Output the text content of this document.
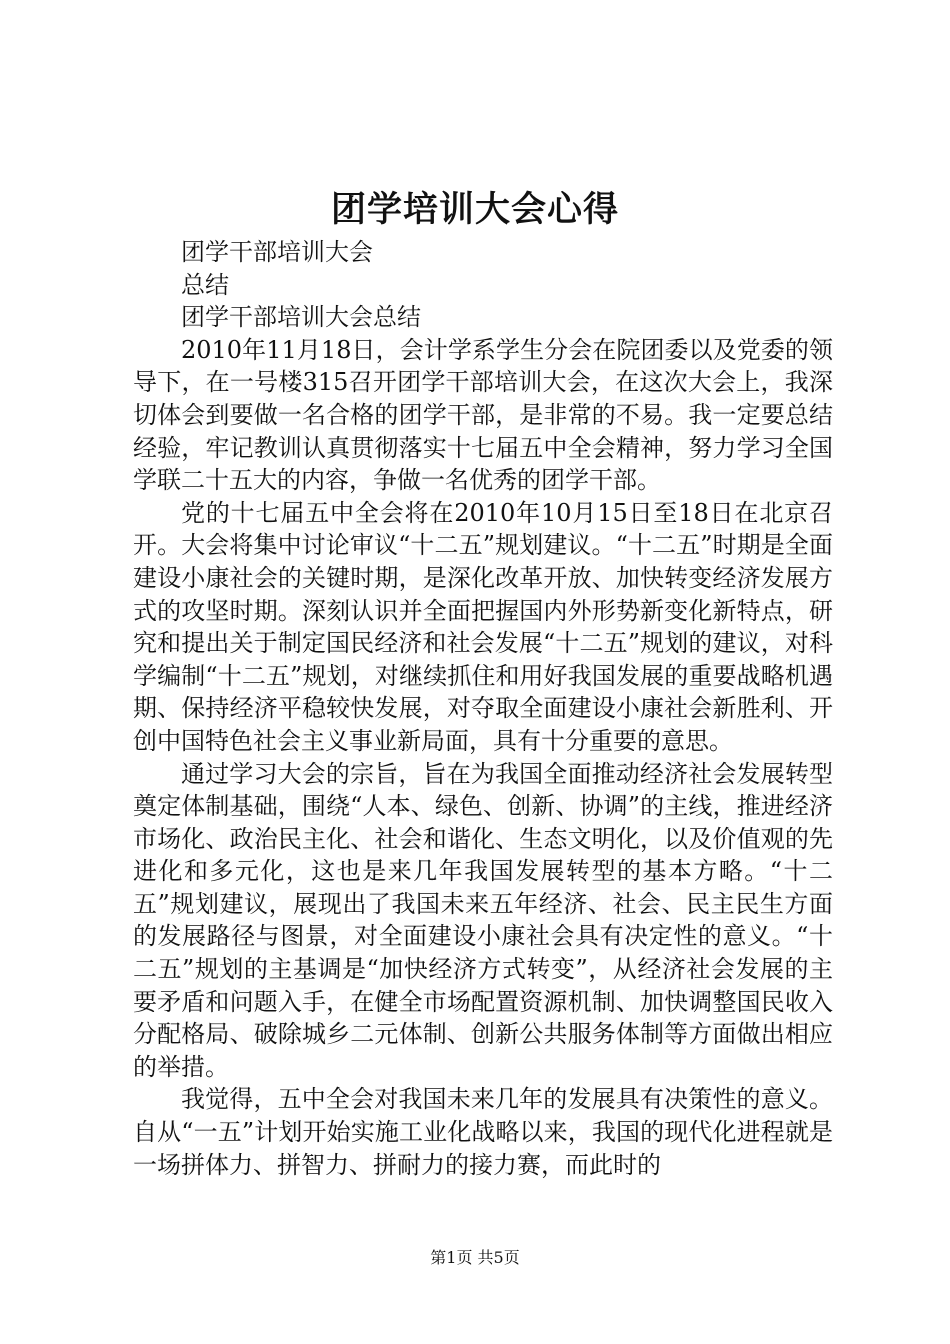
团学培训大会心得

团学干部培训大会

总结

团学干部培训大会总结

2010年11月18日，会计学系学生分会在院团委以及党委的领导下，在一号楼315召开团学干部培训大会，在这次大会上，我深切体会到要做一名合格的团学干部，是非常的不易。我一定要总结经验，牢记教训认真贯彻落实十七届五中全会精神，努力学习全国学联二十五大的内容，争做一名优秀的团学干部。

党的十七届五中全会将在2010年10月15日至18日在北京召开。大会将集中讨论审议“十二五”规划建议。“十二五”时期是全面建设小康社会的关键时期，是深化改革开放、加快转变经济发展方式的攻坚时期。深刻认识并全面把握国内外形势新变化新特点，研究和提出关于制定国民经济和社会发展“十二五”规划的建议，对科学编制“十二五”规划，对继续抓住和用好我国发展的重要战略机遇期、保持经济平稳较快发展，对夺取全面建设小康社会新胜利、开创中国特色社会主义事业新局面，具有十分重要的意思。

通过学习大会的宗旨，旨在为我国全面推动经济社会发展转型奠定体制基础，围绕“人本、绿色、创新、协调”的主线，推进经济市场化、政治民主化、社会和谐化、生态文明化，以及价值观的先进化和多元化，这也是来几年我国发展转型的基本方略。“十二五”规划建议，展现出了我国未来五年经济、社会、民主民生方面的发展路径与图景，对全面建设小康社会具有决定性的意义。“十二五”规划的主基调是“加快经济方式转变”，从经济社会发展的主要矛盾和问题入手，在健全市场配置资源机制、加快调整国民收入分配格局、破除城乡二元体制、创新公共服务体制等方面做出相应的举措。

我觉得，五中全会对我国未来几年的发展具有决策性的意义。自从“一五”计划开始实施工业化战略以来，我国的现代化进程就是一场拼体力、拼智力、拼耐力的接力赛，而此时的

第1页 共5页
